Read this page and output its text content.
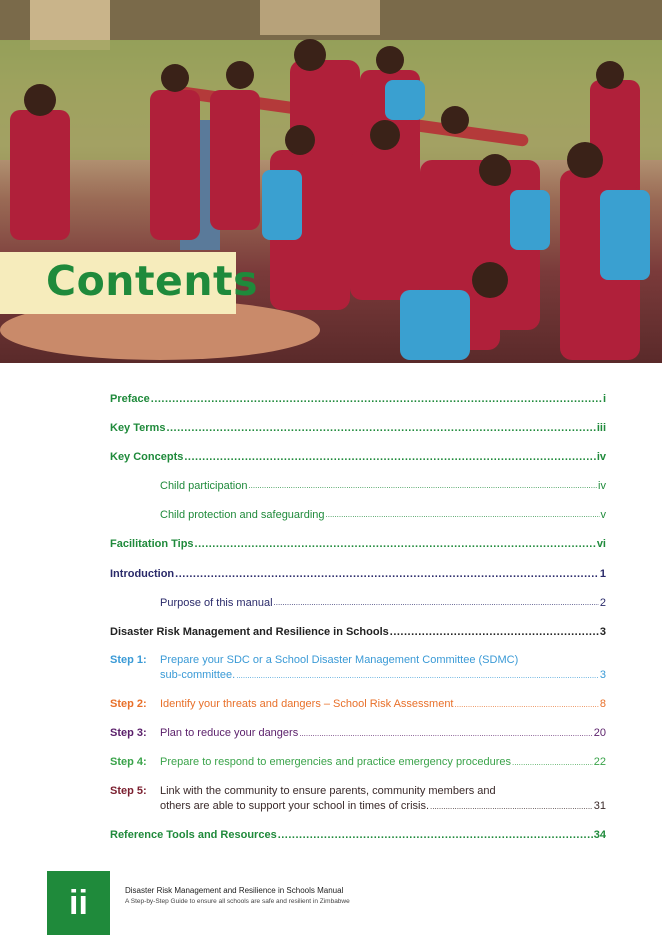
Contents
Preface .....	i
Key Terms .....	iii
Key Concepts .....	iv
Child participation .....	iv
Child protection and safeguarding .....	v
Facilitation Tips .....	vi
Introduction .....	1
Purpose of this manual .....	2
Disaster Risk Management and Resilience in Schools .....	3
Step 1: Prepare your SDC or a School Disaster Management Committee (SDMC)
sub-committee. .....	3
Step 2: Identify your threats and dangers – School Risk Assessment .....	8
Step 3: Plan to reduce your dangers .....	20
Step 4: Prepare to respond to emergencies and practice emergency procedures .....	22
Step 5: Link with the community to ensure parents, community members and
others are able to support your school in times of crisis. .....	31
Reference Tools and Resources .....	34
ii	Disaster Risk Management and Resilience in Schools Manual
A Step-by-Step Guide to ensure all schools are safe and resilient in Zimbabwe
